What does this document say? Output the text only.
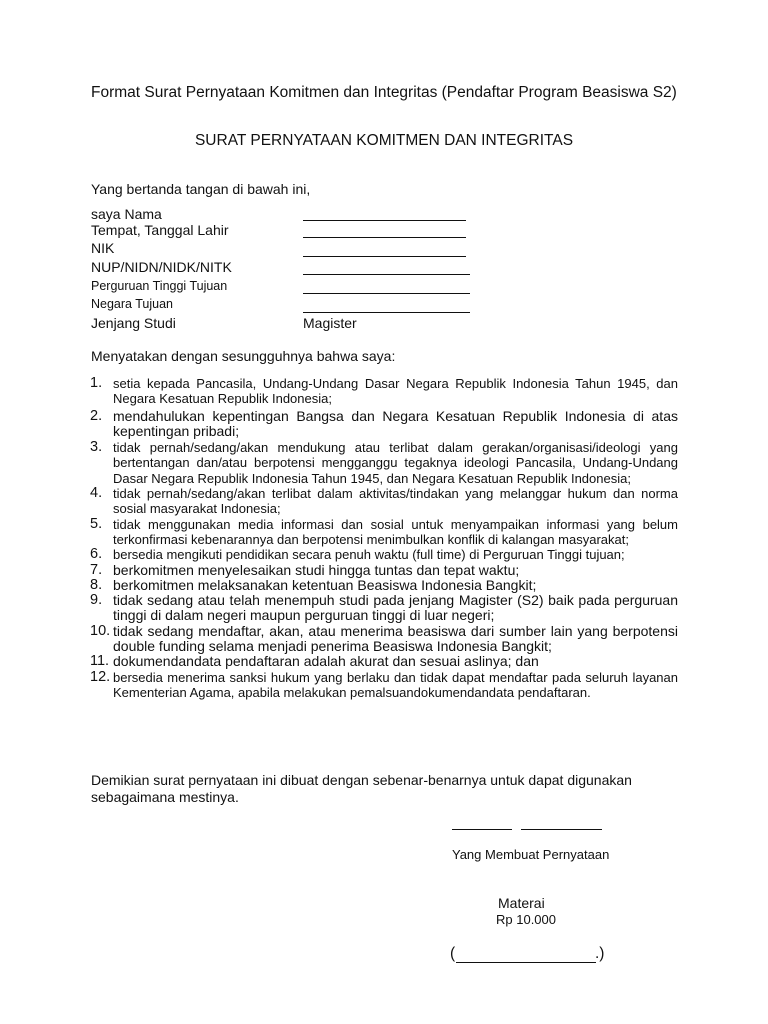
Format Surat Pernyataan Komitmen dan Integritas (Pendaftar Program Beasiswa S2)
SURAT PERNYATAAN KOMITMEN DAN INTEGRITAS
Yang bertanda tangan di bawah ini,
saya Nama
Tempat, Tanggal Lahir
NIK
NUP/NIDN/NIDK/NITK
Perguruan Tinggi Tujuan
Negara Tujuan
Jenjang Studi	Magister
Menyatakan dengan sesungguhnya bahwa saya:
1. setia kepada Pancasila, Undang-Undang Dasar Negara Republik Indonesia Tahun 1945, dan Negara Kesatuan Republik Indonesia;
2. mendahulukan kepentingan Bangsa dan Negara Kesatuan Republik Indonesia di atas kepentingan pribadi;
3. tidak pernah/sedang/akan mendukung atau terlibat dalam gerakan/organisasi/ideologi yang bertentangan dan/atau berpotensi mengganggu tegaknya ideologi Pancasila, Undang-Undang Dasar Negara Republik Indonesia Tahun 1945, dan Negara Kesatuan Republik Indonesia;
4. tidak pernah/sedang/akan terlibat dalam aktivitas/tindakan yang melanggar hukum dan norma sosial masyarakat Indonesia;
5. tidak menggunakan media informasi dan sosial untuk menyampaikan informasi yang belum terkonfirmasi kebenarannya dan berpotensi menimbulkan konflik di kalangan masyarakat;
6. bersedia mengikuti pendidikan secara penuh waktu (full time) di Perguruan Tinggi tujuan;
7. berkomitmen menyelesaikan studi hingga tuntas dan tepat waktu;
8. berkomitmen melaksanakan ketentuan Beasiswa Indonesia Bangkit;
9. tidak sedang atau telah menempuh studi pada jenjang Magister (S2) baik pada perguruan tinggi di dalam negeri maupun perguruan tinggi di luar negeri;
10. tidak sedang mendaftar, akan, atau menerima beasiswa dari sumber lain yang berpotensi double funding selama menjadi penerima Beasiswa Indonesia Bangkit;
11. dokumendandata pendaftaran adalah akurat dan sesuai aslinya; dan
12. bersedia menerima sanksi hukum yang berlaku dan tidak dapat mendaftar pada seluruh layanan Kementerian Agama, apabila melakukan pemalsuandokumendandata pendaftaran.
Demikian surat pernyataan ini dibuat dengan sebenar-benarnya untuk dapat digunakan sebagaimana mestinya.
Yang Membuat Pernyataan
Materai
Rp 10.000
(	.)
